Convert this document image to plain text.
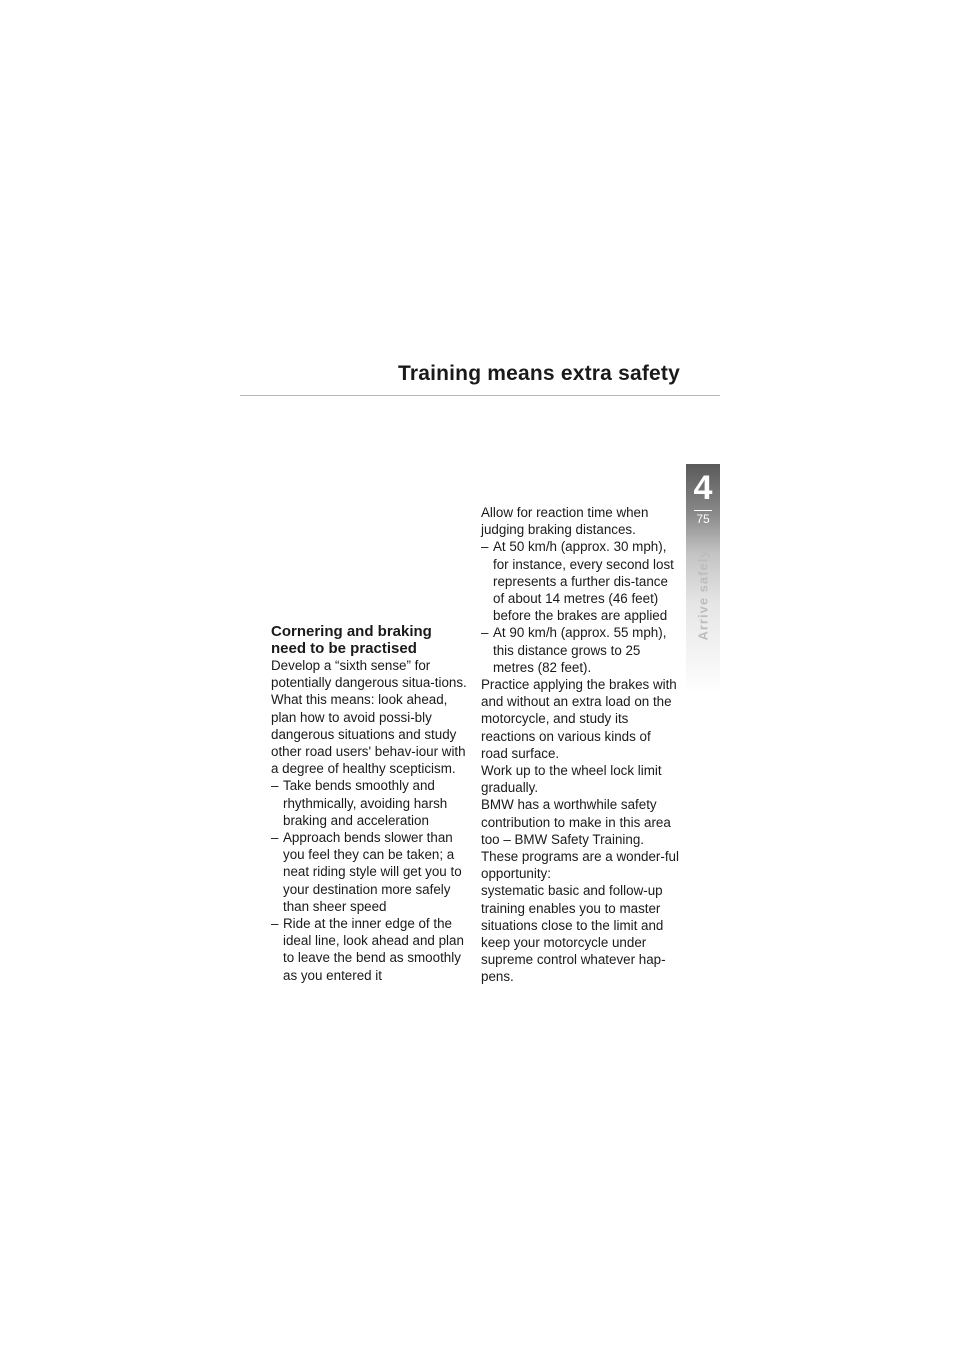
Training means extra safety
4
75
Arrive safely
Cornering and braking need to be practised

Develop a “sixth sense” for potentially dangerous situa-tions. What this means: look ahead, plan how to avoid possi-bly dangerous situations and study other road users' behav-iour with a degree of healthy scepticism.

– Take bends smoothly and rhythmically, avoiding harsh braking and acceleration
– Approach bends slower than you feel they can be taken; a neat riding style will get you to your destination more safely than sheer speed
– Ride at the inner edge of the ideal line, look ahead and plan to leave the bend as smoothly as you entered it

Allow for reaction time when judging braking distances.

– At 50 km/h (approx. 30 mph), for instance, every second lost represents a further dis-tance of about 14 metres (46 feet) before the brakes are applied
– At 90 km/h (approx. 55 mph), this distance grows to 25 metres (82 feet).

Practice applying the brakes with and without an extra load on the motorcycle, and study its reactions on various kinds of road surface.

Work up to the wheel lock limit gradually.

BMW has a worthwhile safety contribution to make in this area too – BMW Safety Training.

These programs are a wonder-ful opportunity:

systematic basic and follow-up training enables you to master situations close to the limit and keep your motorcycle under supreme control whatever hap-pens.
